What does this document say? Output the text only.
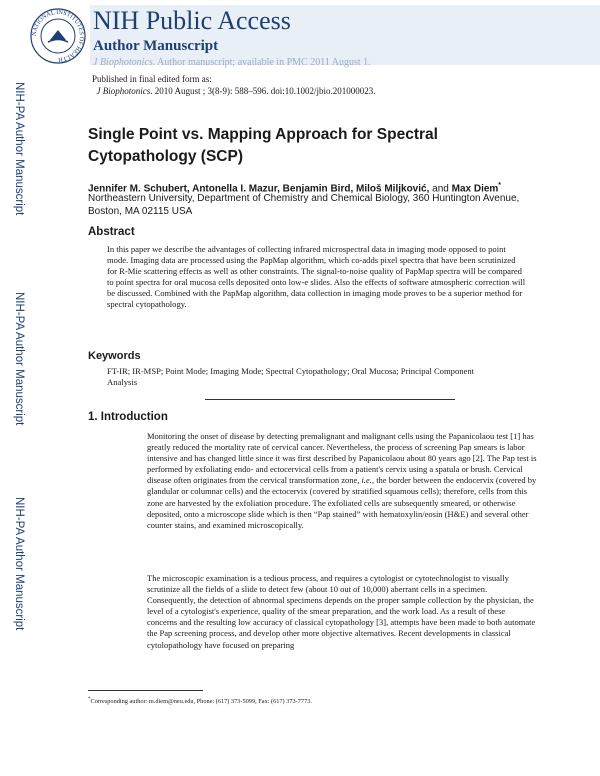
NATIONAL INSTITUTES OF HEALTH
NIH Public Access
Author Manuscript
J Biophotonics. Author manuscript; available in PMC 2011 August 1.
Published in final edited form as:
J Biophotonics. 2010 August ; 3(8-9): 588–596. doi:10.1002/jbio.201000023.
NIH-PA Author Manuscript
NIH-PA Author Manuscript
NIH-PA Author Manuscript
Single Point vs. Mapping Approach for Spectral Cytopathology (SCP)
Jennifer M. Schubert, Antonella I. Mazur, Benjamin Bird, Miloš Miljković, and Max Diem*
Northeastern University, Department of Chemistry and Chemical Biology, 360 Huntington Avenue, Boston, MA 02115 USA
Abstract
In this paper we describe the advantages of collecting infrared microspectral data in imaging mode opposed to point mode. Imaging data are processed using the PapMap algorithm, which co-adds pixel spectra that have been scrutinized for R-Mie scattering effects as well as other constraints. The signal-to-noise quality of PapMap spectra will be compared to point spectra for oral mucosa cells deposited onto low-e slides. Also the effects of software atmospheric correction will be discussed. Combined with the PapMap algorithm, data collection in imaging mode proves to be a superior method for spectral cytopathology.
Keywords
FT-IR; IR-MSP; Point Mode; Imaging Mode; Spectral Cytopathology; Oral Mucosa; Principal Component Analysis
1. Introduction
Monitoring the onset of disease by detecting premalignant and malignant cells using the Papanicolaou test [1] has greatly reduced the mortality rate of cervical cancer. Nevertheless, the process of screening Pap smears is labor intensive and has changed little since it was first described by Papanicolaou about 80 years ago [2]. The Pap test is performed by exfoliating endo- and ectocervical cells from a patient's cervix using a spatula or brush. Cervical disease often originates from the cervical transformation zone, i.e., the border between the endocervix (covered by glandular or columnar cells) and the ectocervix (covered by stratified squamous cells); therefore, cells from this zone are harvested by the exfoliation procedure. The exfoliated cells are subsequently smeared, or otherwise deposited, onto a microscope slide which is then “Pap stained” with hematoxylin/eosin (H&E) and several other counter stains, and examined microscopically.
The microscopic examination is a tedious process, and requires a cytologist or cytotechnologist to visually scrutinize all the fields of a slide to detect few (about 10 out of 10,000) aberrant cells in a specimen. Consequently, the detection of abnormal specimens depends on the proper sample collection by the physician, the level of a cytologist's experience, quality of the smear preparation, and the work load. As a result of these concerns and the resulting low accuracy of classical cytopathology [3], attempts have been made to both automate the Pap screening process, and develop other more objective alternatives. Recent developments in classical cytolopathology have focused on preparing
*Corresponding author: m.diem@neu.edu, Phone: (617) 373-5099, Fax: (617) 373-7773.
